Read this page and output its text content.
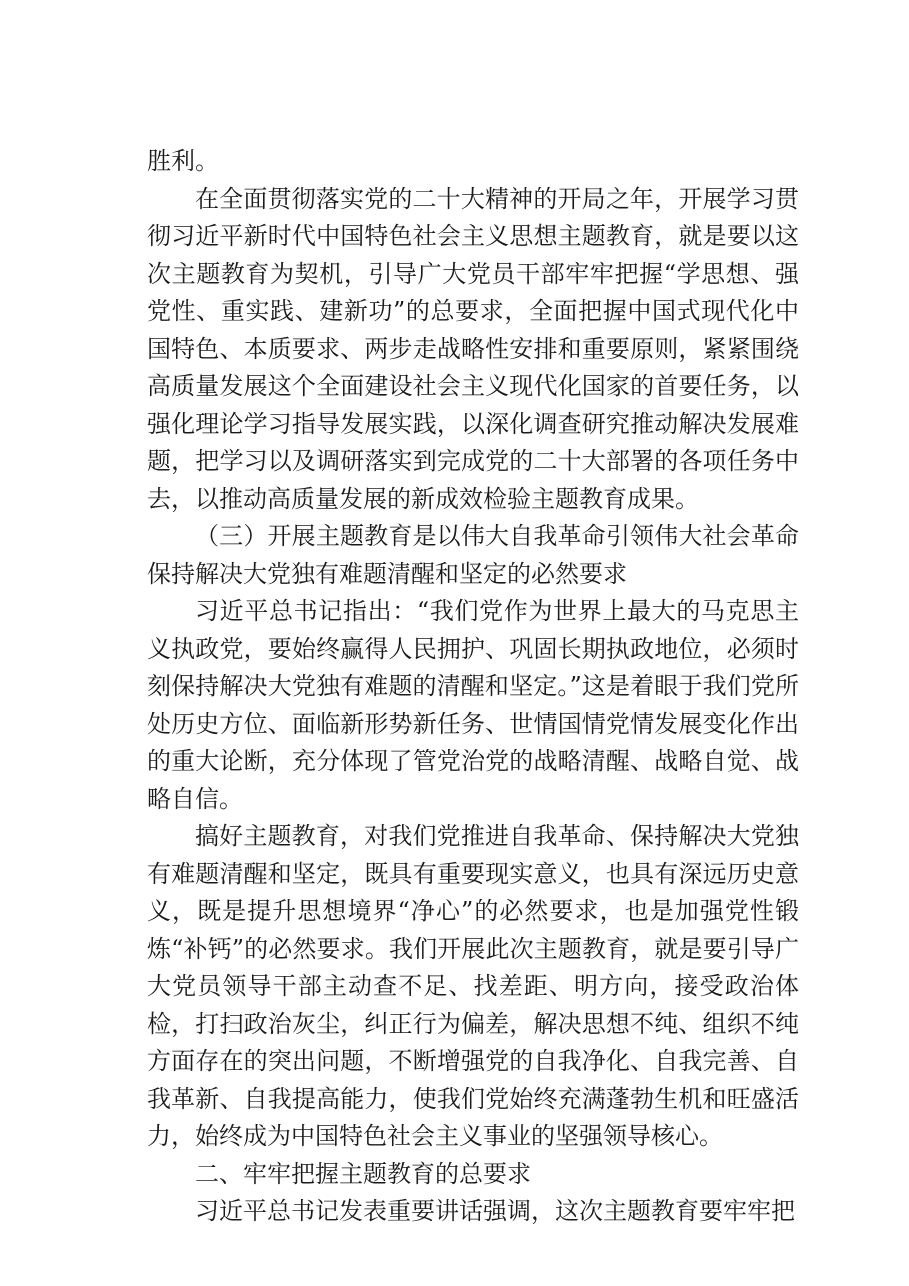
胜利。

在全面贯彻落实党的二十大精神的开局之年，开展学习贯彻习近平新时代中国特色社会主义思想主题教育，就是要以这次主题教育为契机，引导广大党员干部牢牢把握“学思想、强党性、重实践、建新功”的总要求，全面把握中国式现代化中国特色、本质要求、两步走战略性安排和重要原则，紧紧围绕高质量发展这个全面建设社会主义现代化国家的首要任务，以强化理论学习指导发展实践，以深化调查研究推动解决发展难题，把学习以及调研落实到完成党的二十大部署的各项任务中去，以推动高质量发展的新成效检验主题教育成果。

（三）开展主题教育是以伟大自我革命引领伟大社会革命保持解决大党独有难题清醒和坚定的必然要求

习近平总书记指出：“我们党作为世界上最大的马克思主义执政党，要始终赢得人民拥护、巩固长期执政地位，必须时刻保持解决大党独有难题的清醒和坚定。”这是着眼于我们党所处历史方位、面临新形势新任务、世情国情党情发展变化作出的重大论断，充分体现了管党治党的战略清醒、战略自觉、战略自信。

搞好主题教育，对我们党推进自我革命、保持解决大党独有难题清醒和坚定，既具有重要现实意义，也具有深远历史意义，既是提升思想境界“净心”的必然要求，也是加强党性锻炼“补钙”的必然要求。我们开展此次主题教育，就是要引导广大党员领导干部主动查不足、找差距、明方向，接受政治体检，打扫政治灰尘，纠正行为偏差，解决思想不纯、组织不纯方面存在的突出问题，不断增强党的自我净化、自我完善、自我革新、自我提高能力，使我们党始终充满蓬勃生机和旺盛活力，始终成为中国特色社会主义事业的坚强领导核心。

二、牢牢把握主题教育的总要求

习近平总书记发表重要讲话强调，这次主题教育要牢牢把
